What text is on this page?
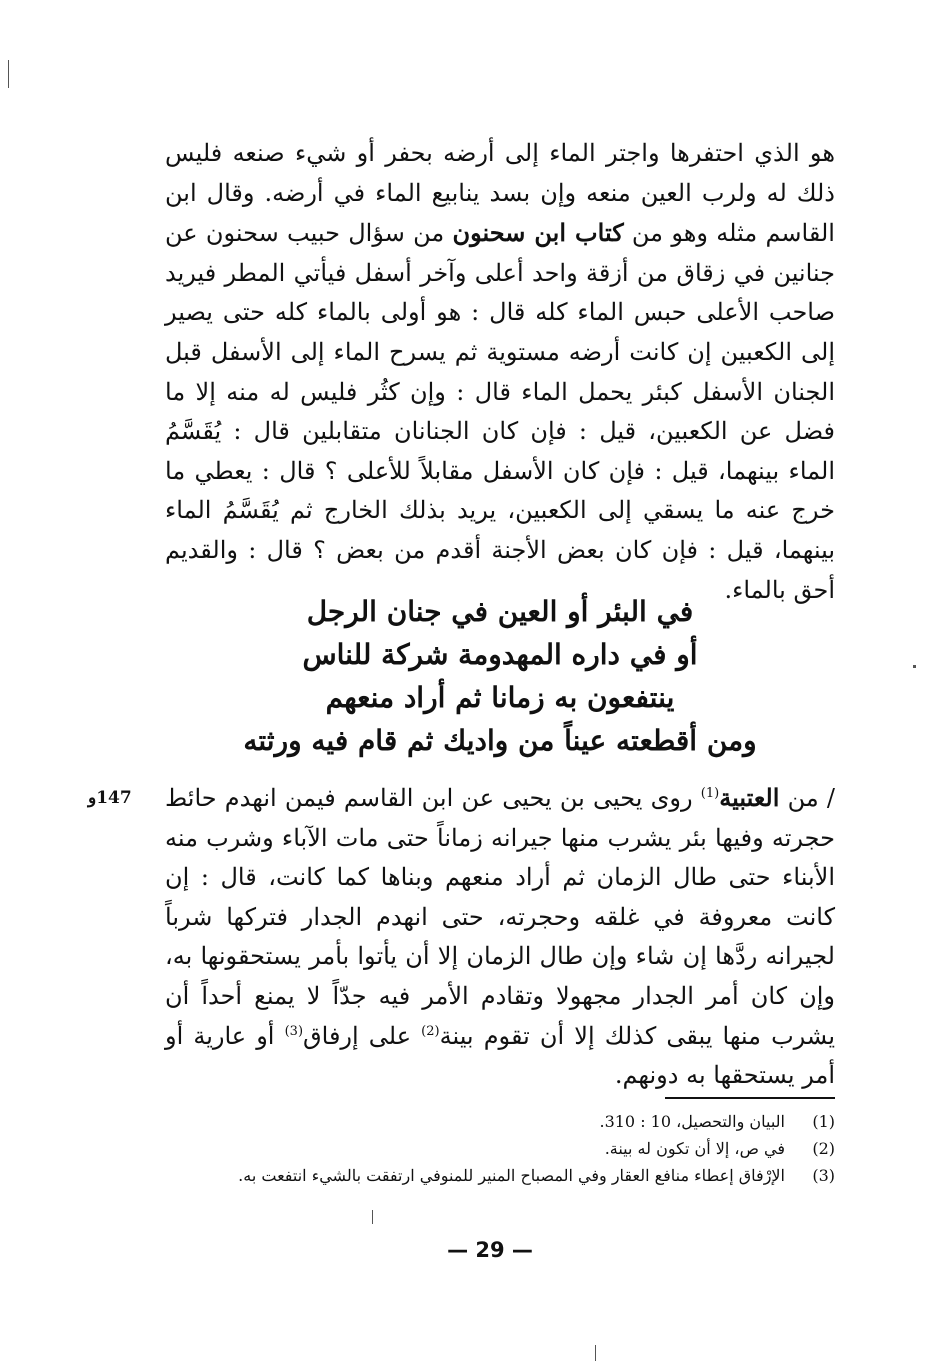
هو الذي احتفرها واجتر الماء إلى أرضه بحفر أو شيء صنعه فليس ذلك له ولرب العين منعه وإن بسد ينابيع الماء في أرضه. وقال ابن القاسم مثله وهو من كتاب ابن سحنون من سؤال حبيب سحنون عن جنانين في زقاق من أزقة واحد أعلى وآخر أسفل فيأتي المطر فيريد صاحب الأعلى حبس الماء كله قال : هو أولى بالماء كله حتى يصير إلى الكعبين إن كانت أرضه مستوية ثم يسرح الماء إلى الأسفل قبل الجنان الأسفل كبئر يحمل الماء قال : وإن كثُر فليس له منه إلا ما فضل عن الكعبين، قيل : فإن كان الجنانان متقابلين قال : يُقَسَّمُ الماء بينهما، قيل : فإن كان الأسفل مقابلاً للأعلى ؟ قال : يعطي ما خرج عنه ما يسقي إلى الكعبين، يريد بذلك الخارج ثم يُقَسَّمُ الماء بينهما، قيل : فإن كان بعض الأجنة أقدم من بعض ؟ قال : والقديم أحق بالماء.

في البئر أو العين في جنان الرجل
أو في داره المهدومة شركة للناس
ينتفعون به زمانا ثم أراد منعهم
ومن أقطعته عيناً من واديك ثم قام فيه ورثته
147و	/ من العتبية$^{(1)}$ روى يحيى بن يحيى عن ابن القاسم فيمن انهدم حائط حجرته وفيها بئر يشرب منها جيرانه زماناً حتى مات الآباء وشرب منه الأبناء حتى طال الزمان ثم أراد منعهم وبناها كما كانت، قال : إن كانت معروفة في غلقه وحجرته، حتى انهدم الجدار فتركها شرباً لجيرانه ردَّها إن شاء وإن طال الزمان إلا أن يأتوا بأمر يستحقونها به، وإن كان أمر الجدار مجهولا وتقادم الأمر فيه جدّاً لا يمنع أحداً أن يشرب منها يبقى كذلك إلا أن تقوم بينة$^{(2)}$ على إرفاق$^{(3)}$ أو عارية أو أمر يستحقها به دونهم.

(1)
البيان والتحصيل، 10 : 310.
(2)
في ص، إلا أن تكون له بينة.
(3)
الإرْفاق إعطاء منافع العقار وفي المصباح المنير للمنوفي ارتفقت بالشيء انتفعت به.
— 29 —
